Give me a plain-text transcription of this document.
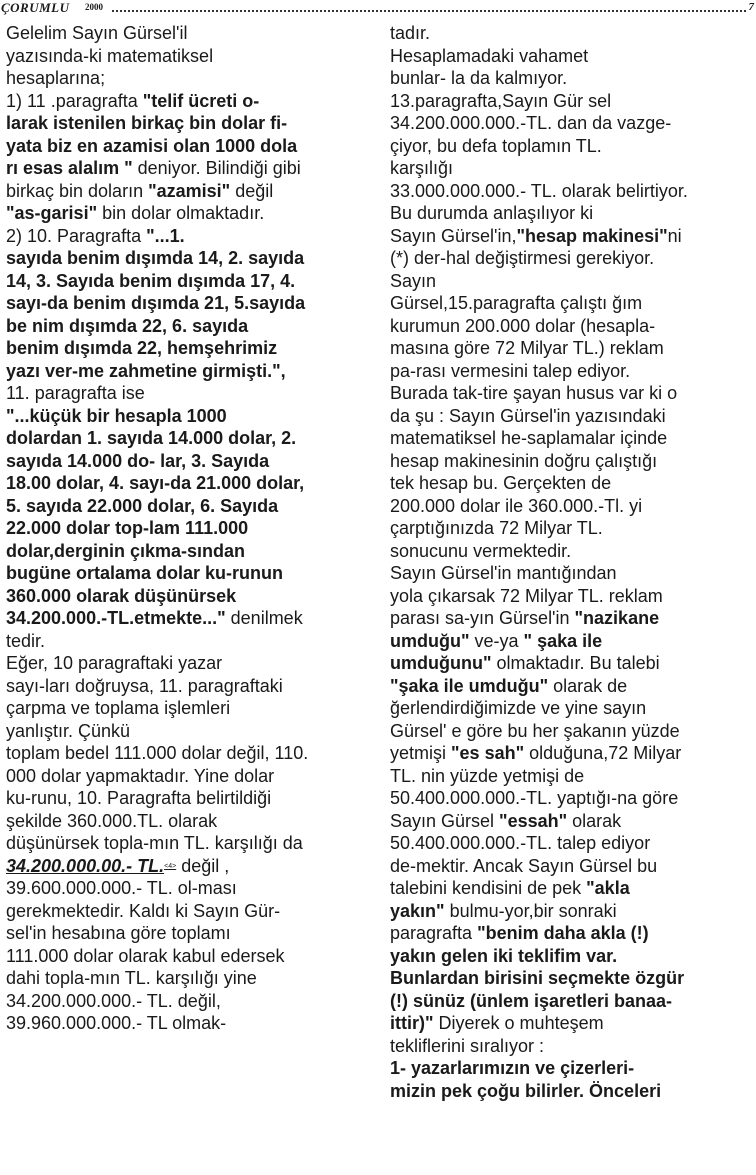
ÇORUMLU 2000	7
Gelelim Sayın Gürsel'il
yazısında-ki matematiksel
hesaplarına;
1) 11 .paragrafta "telif ücreti o-
larak istenilen birkaç bin dolar fi-
yata biz en azamisi olan 1000 dola
rı esas alalım " deniyor. Bilindiği gibi
birkaç bin doların "azamisi" değil
"as-garisi" bin dolar olmaktadır.
2) 10. Paragrafta "...1.
sayıda benim dışımda 14, 2. sayıda
14, 3. Sayıda benim dışımda 17, 4.
sayı-da benim dışımda 21, 5.sayıda
be nim dışımda 22, 6. sayıda
benim dışımda 22, hemşehrimiz
yazı ver-me zahmetine girmişti.",
11. paragrafta ise
"...küçük bir hesapla 1000
dolardan 1. sayıda 14.000 dolar, 2.
sayıda 14.000 do- lar, 3. Sayıda
18.00 dolar, 4. sayı-da 21.000 dolar,
5. sayıda 22.000 dolar, 6. Sayıda
22.000 dolar top-lam 111.000
dolar,derginin çıkma-sından
bugüne ortalama dolar ku-runun
360.000 olarak düşünürsek
34.200.000.-TL.etmekte..." denilmek
tedir.
Eğer, 10 paragraftaki yazar
sayı-ları doğruysa, 11. paragraftaki
çarpma ve toplama işlemleri
yanlıştır. Çünkü
toplam bedel 111.000 dolar değil, 110.
000 dolar yapmaktadır. Yine dolar
ku-runu, 10. Paragrafta belirtildiği
şekilde 360.000.TL. olarak
düşünürsek topla-mın TL. karşılığı da
34.200.000.00.- TL.<4> değil ,
39.600.000.000.- TL. ol-ması
gerekmektedir. Kaldı ki Sayın Gür-
sel'in hesabına göre toplamı
111.000 dolar olarak kabul edersek
dahi topla-mın TL. karşılığı yine
34.200.000.000.- TL. değil,
39.960.000.000.- TL olmak-
tadır.
Hesaplamadaki vahamet
bunlar- la da kalmıyor.
13.paragrafta,Sayın Gür sel
34.200.000.000.-TL. dan da vazge-
çiyor, bu defa toplamın TL.
karşılığı
33.000.000.000.- TL. olarak belirtiyor.
Bu durumda anlaşılıyor ki
Sayın Gürsel'in,"hesap makinesi"ni
(*) der-hal değiştirmesi gerekiyor.
Sayın
Gürsel,15.paragrafta çalıştı ğım
kurumun 200.000 dolar (hesapla-
masına göre 72 Milyar TL.) reklam
pa-rası vermesini talep ediyor.
Burada tak-tire şayan husus var ki o
da şu : Sayın Gürsel'in yazısındaki
matematiksel he-saplamalar içinde
hesap makinesinin doğru çalıştığı
tek hesap bu. Gerçekten de
200.000 dolar ile 360.000.-Tl. yi
çarptığınızda 72 Milyar TL.
sonucunu vermektedir.
Sayın Gürsel'in mantığından
yola çıkarsak 72 Milyar TL. reklam
parası sa-yın Gürsel'in "nazikane
umduğu" ve-ya " şaka ile
umduğunu" olmaktadır. Bu talebi
"şaka ile umduğu" olarak de
ğerlendirdiğimizde ve yine sayın
Gürsel' e göre bu her şakanın yüzde
yetmişi "es sah" olduğuna,72 Milyar
TL. nin yüzde yetmişi de
50.400.000.000.-TL. yaptığı-na göre
Sayın Gürsel "essah" olarak
50.400.000.000.-TL. talep ediyor
de-mektir. Ancak Sayın Gürsel bu
talebini kendisini de pek "akla
yakın" bulmu-yor,bir sonraki
paragrafta "benim daha akla (!)
yakın gelen iki teklifim var.
Bunlardan birisini seçmekte özgür
(!) sünüz (ünlem işaretleri banaa-
ittir)" Diyerek o muhteşem
tekliflerini sıralıyor :
1- yazarlarımızın ve çizerleri-
mizin pek çoğu bilirler. Önceleri
